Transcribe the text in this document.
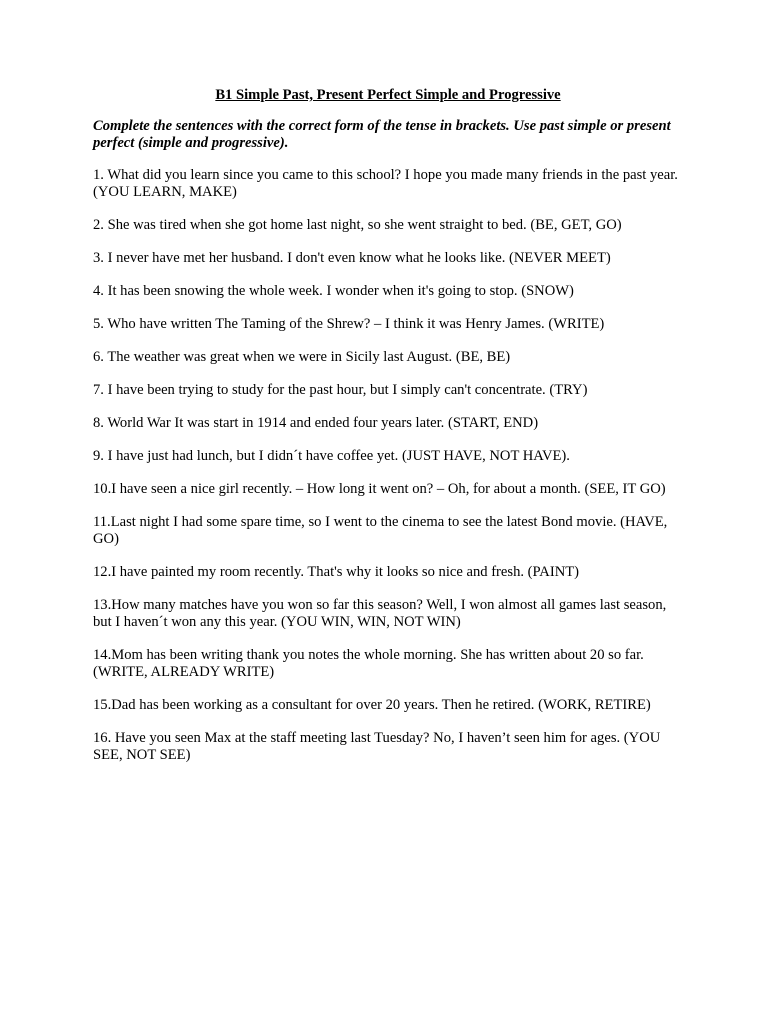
B1 Simple Past, Present Perfect Simple and Progressive

Complete the sentences with the correct form of the tense in brackets. Use past simple or present perfect (simple and progressive).

1. What did you learn since you came to this school? I hope you made many friends in the past year. (YOU LEARN, MAKE)
2. She was tired when she got home last night, so she went straight to bed. (BE, GET, GO)
3. I never have met her husband. I don't even know what he looks like. (NEVER MEET)
4. It has been snowing the whole week. I wonder when it's going to stop. (SNOW)
5. Who have written The Taming of the Shrew? – I think it was Henry James. (WRITE)
6. The weather was great when we were in Sicily last August. (BE, BE)
7. I have been trying to study for the past hour, but I simply can't concentrate. (TRY)
8. World War It was start in 1914 and ended four years later. (START, END)
9. I have just had lunch, but I didn´t have coffee yet. (JUST HAVE, NOT HAVE).
10.I have seen a nice girl recently. – How long it went on? – Oh, for about a month. (SEE, IT GO)
11.Last night I had some spare time, so I went to the cinema to see the latest Bond movie. (HAVE, GO)
12.I have painted my room recently. That's why it looks so nice and fresh. (PAINT)
13.How many matches have you won so far this season? Well, I won almost all games last season, but I haven´t won any this year. (YOU WIN, WIN, NOT WIN)
14.Mom has been writing thank you notes the whole morning. She has written about 20 so far. (WRITE, ALREADY WRITE)
15.Dad has been working as a consultant for over 20 years. Then he retired. (WORK, RETIRE)
16. Have you seen Max at the staff meeting last Tuesday? No, I haven’t seen him for ages. (YOU SEE, NOT SEE)
